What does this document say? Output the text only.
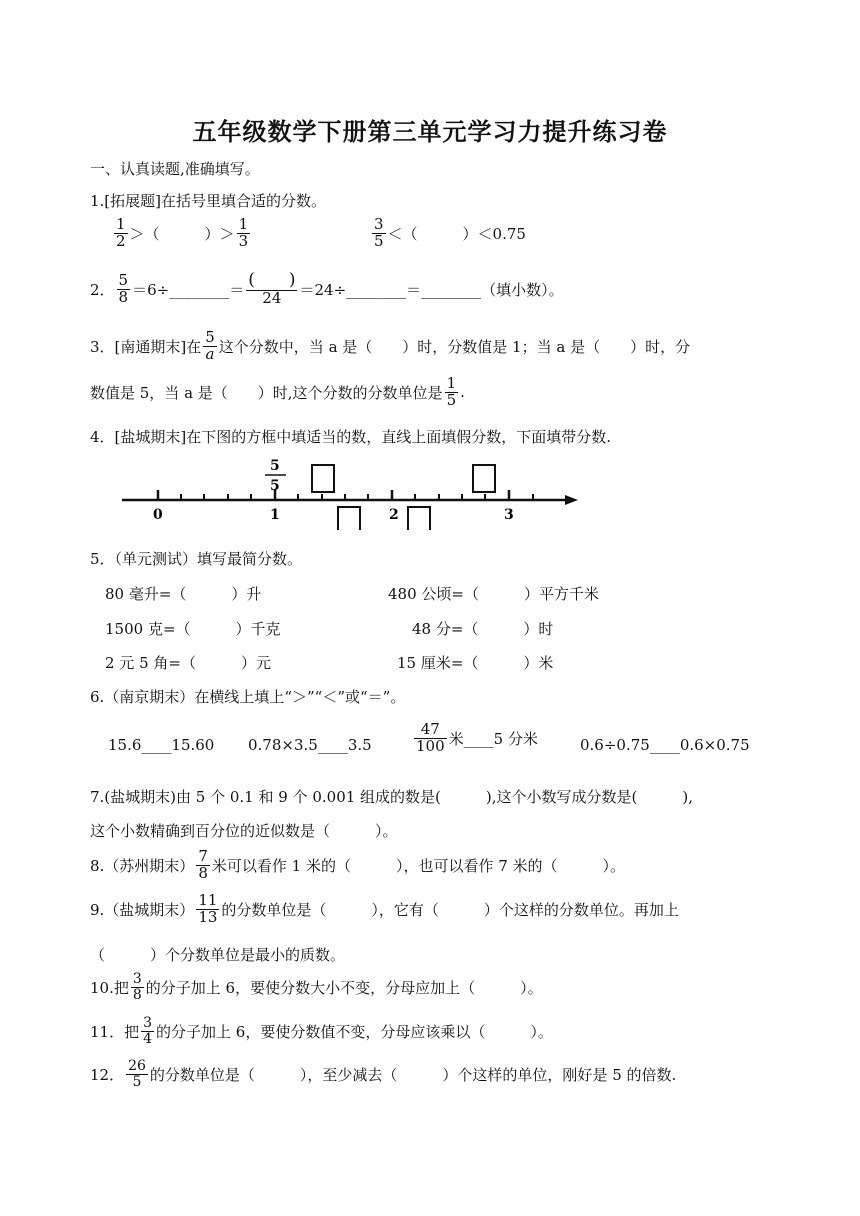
五年级数学下册第三单元学习力提升练习卷
一、认真读题,准确填写。
1.[拓展题]在括号里填合适的分数。
$\frac{1}{2}$ ＞（　　　）＞ $\frac{1}{3}$	$\frac{3}{5}$ ＜（　　　）＜0.75
2． $\frac{5}{8}$ ＝6÷________＝ $\frac{( )}{24}$ ＝24÷________＝________（填小数）。
3．[南通期末]在 $\frac{5}{a}$ 这个分数中，当 a 是（　　）时，分数值是 1；当 a 是（　　）时，分
数值是 5，当 a 是（　　）时,这个分数的分数单位是 $\frac{1}{5}$ .
4．[盐城期末]在下图的方框中填适当的数，直线上面填假分数，下面填带分数.
0	1	2	3
5
5
5．（单元测试）填写最简分数。
80 毫升=（　　　）升	480 公顷=（　　　）平方千米
1500 克=（　　　）千克	48 分=（　　　）时
2 元 5 角=（　　　）元	15 厘米=（　　　）米
6.（南京期末）在横线上填上“＞”“＜”或“＝”。
15.6____15.60 0.78×3.5____3.5	$\frac{47}{100}$ 米____5 分米	0.6÷0.75____0.6×0.75
7.(盐城期末)由 5 个 0.1 和 9 个 0.001 组成的数是(　　　),这个小数写成分数是(　　　),
这个小数精确到百分位的近似数是（　　　）。
8.（苏州期末） $\frac{7}{8}$ 米可以看作 1 米的（　　　），也可以看作 7 米的（　　　）。
9.（盐城期末） $\frac{11}{13}$ 的分数单位是（　　　），它有（　　　）个这样的分数单位。再加上
（　　　）个分数单位是最小的质数。
10.把 $\frac{3}{8}$ 的分子加上 6，要使分数大小不变，分母应加上（　　　）。
11．把 $\frac{3}{4}$ 的分子加上 6，要使分数值不变，分母应该乘以（　　　）。
12． $\frac{26}{5}$ 的分数单位是（　　　），至少减去（　　　）个这样的单位，刚好是 5 的倍数.
